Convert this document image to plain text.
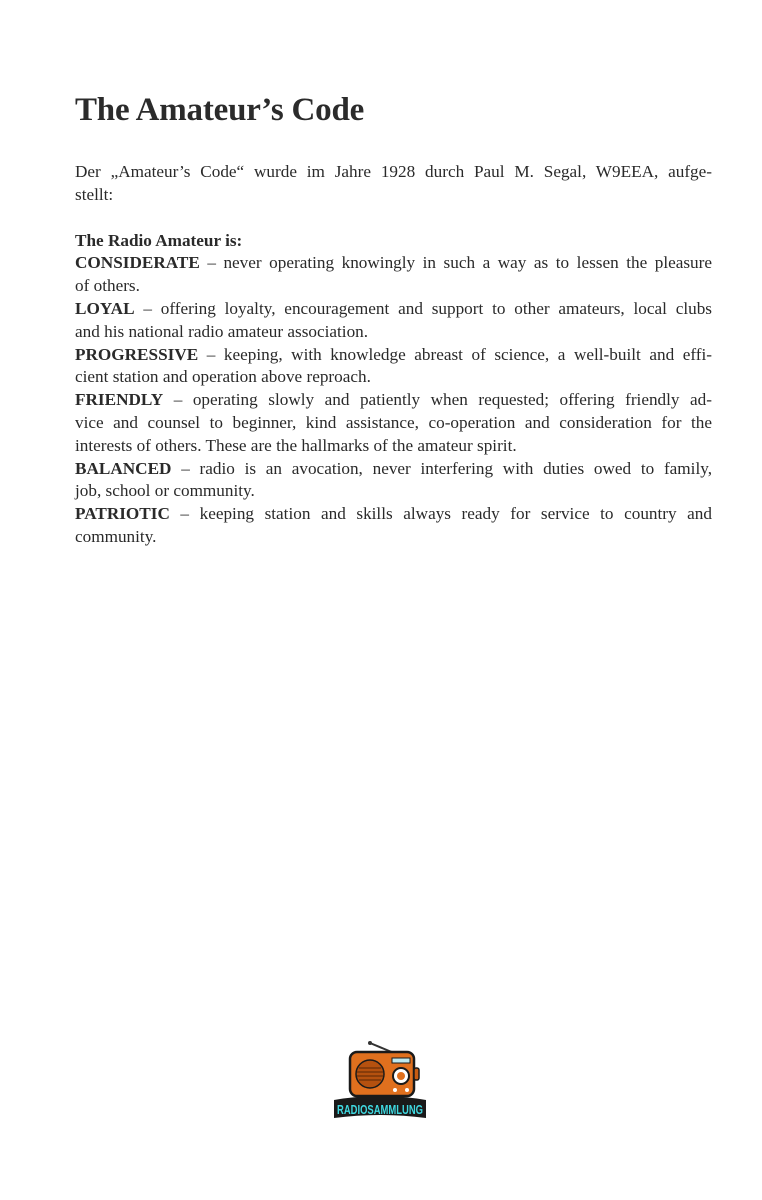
The Amateur’s Code
Der „Amateur’s Code“ wurde im Jahre 1928 durch Paul M. Segal, W9EEA, aufge-
stellt:
The Radio Amateur is:
CONSIDERATE – never operating knowingly in such a way as to lessen the pleasure
of others.
LOYAL – offering loyalty, encouragement and support to other amateurs, local clubs
and his national radio amateur association.
PROGRESSIVE – keeping, with knowledge abreast of science, a well-built and effi-
cient station and operation above reproach.
FRIENDLY – operating slowly and patiently when requested; offering friendly ad-
vice and counsel to beginner, kind assistance, co-operation and consideration for the
interests of others. These are the hallmarks of the amateur spirit.
BALANCED – radio is an avocation, never interfering with duties owed to family,
job, school or community.
PATRIOTIC – keeping station and skills always ready for service to country and
community.
RADIOSAMMLUNG
